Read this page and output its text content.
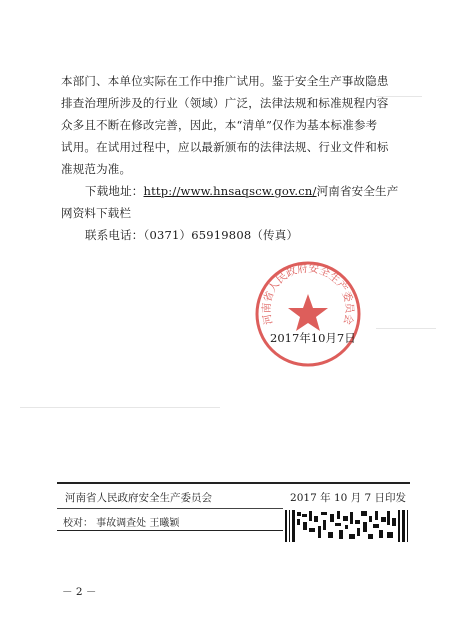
本部门、本单位实际在工作中推广试用。鉴于安全生产事故隐患
排查治理所涉及的行业（领域）广泛，法律法规和标准规程内容
众多且不断在修改完善，因此，本“清单”仅作为基本标准参考
试用。在试用过程中，应以最新颁布的法律法规、行业文件和标
准规范为准。

下载地址：http://www.hnsaqscw.gov.cn/河南省安全生产
网资料下载栏
联系电话：（0371）65919808（传真）

河南省人民政府安全生产委员会
2017年10月7日
河南省人民政府安全生产委员会	2017 年 10 月 7 日印发
校对： 事故调查处 王曦颖
－ 2 －
